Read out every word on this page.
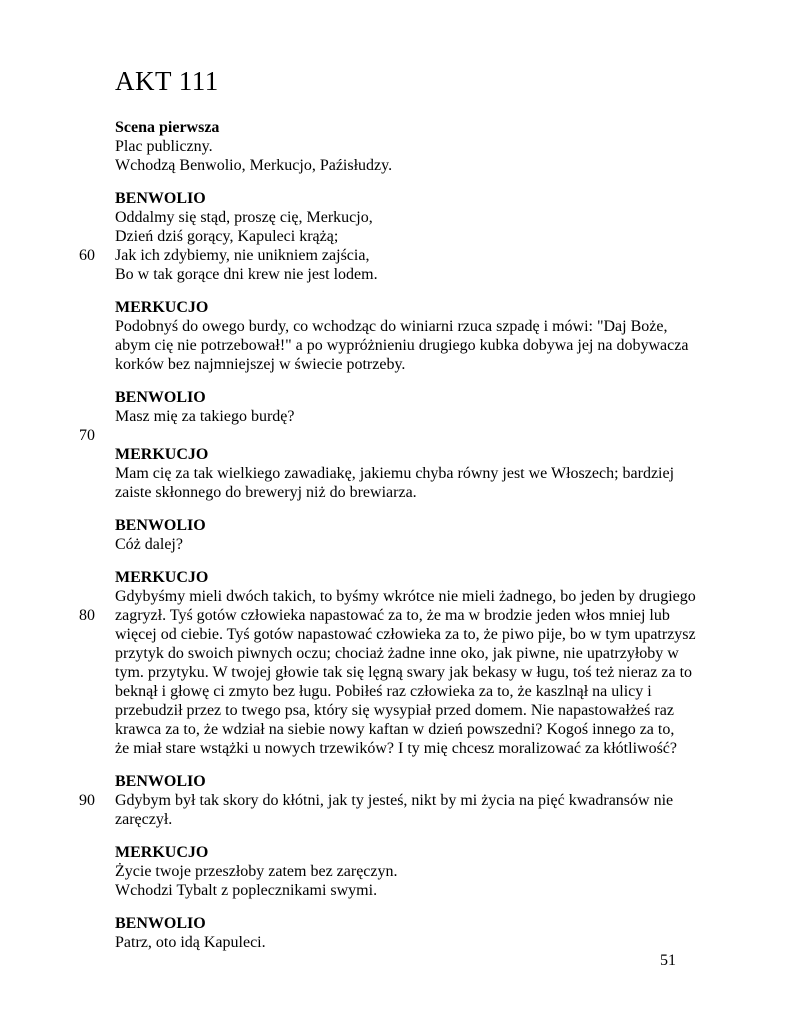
AKT 111
Scena pierwsza
Plac publiczny.
Wchodzą Benwolio, Merkucjo, Paźisłudzy.
BENWOLIO
Oddalmy się stąd, proszę cię, Merkucjo,
Dzień dziś gorący, Kapuleci krążą;
60 Jak ich zdybiemy, nie unikniem zajścia,
Bo w tak gorące dni krew nie jest lodem.
MERKUCJO
Podobnyś do owego burdy, co wchodząc do winiarni rzuca szpadę i mówi: "Daj Boże,
abym cię nie potrzebował!" a po wypróżnieniu drugiego kubka dobywa jej na dobywacza
korków bez najmniejszej w świecie potrzeby.
BENWOLIO
Masz mię za takiego burdę?
70
MERKUCJO
Mam cię za tak wielkiego zawadiakę, jakiemu chyba równy jest we Włoszech; bardziej
zaiste skłonnego do breweryj niż do brewiarza.
BENWOLIO
Cóż dalej?
MERKUCJO
Gdybyśmy mieli dwóch takich, to byśmy wkrótce nie mieli żadnego, bo jeden by drugiego
80 zagryzł. Tyś gotów człowieka napastować za to, że ma w brodzie jeden włos mniej lub
więcej od ciebie. Tyś gotów napastować człowieka za to, że piwo pije, bo w tym upatrzysz
przytyk do swoich piwnych oczu; chociaż żadne inne oko, jak piwne, nie upatrzyłoby w
tym. przytyku. W twojej głowie tak się lęgną swary jak bekasy w ługu, toś też nieraz za to
beknął i głowę ci zmyto bez ługu. Pobiłeś raz człowieka za to, że kaszlnął na ulicy i
przebudził przez to twego psa, który się wysypiał przed domem. Nie napastowałżeś raz
krawca za to, że wdział na siebie nowy kaftan w dzień powszedni? Kogoś innego za to,
że miał stare wstążki u nowych trzewików? I ty mię chcesz moralizować za kłótliwość?
BENWOLIO
90 Gdybym był tak skory do kłótni, jak ty jesteś, nikt by mi życia na pięć kwadransów nie
zaręczył.
MERKUCJO
Życie twoje przeszłoby zatem bez zaręczyn.
Wchodzi Tybalt z poplecznikami swymi.
BENWOLIO
Patrz, oto idą Kapuleci.
51
